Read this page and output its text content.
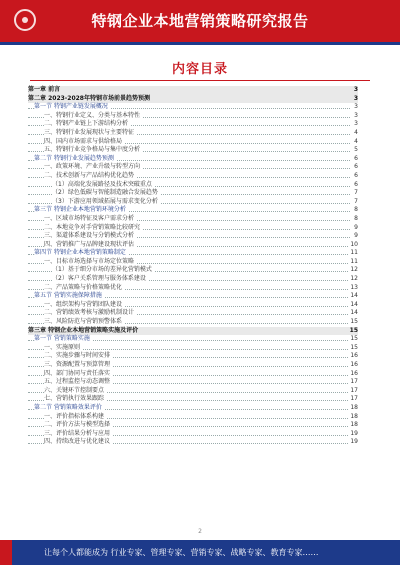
特钢企业本地营销策略研究报告
内容目录
第一章 前言	3
第二章 2023-2028年特钢市场前景趋势预测	3
第一节 特钢产业链发展概况	3
一、特钢行业定义、分类与基本特性	3
二、特钢产业链上下游结构分析	3
三、特钢行业发展现状与主要特征	4
四、国内市场需求与供给格局	4
五、特钢行业竞争格局与集中度分析	5
第二节 特钢行业发展趋势预测	6
一、政策环境、产业升级与转型方向	6
二、技术创新与产品结构优化趋势	6
（1）高端化发展路径及技术突破重点	6
（2）绿色低碳与智能制造融合发展趋势	7
（3）下游应用领域拓展与需求变化分析	7
第三节 特钢企业本地营销环境分析	8
一、区域市场特征及客户需求分析	8
二、本地竞争对手营销策略比较研究	9
三、渠道体系建设与分销模式分析	9
四、营销推广与品牌建设现状评估	10
第四节 特钢企业本地营销策略制定	11
一、目标市场选择与市场定位策略	11
（1）基于细分市场的差异化营销模式	12
（2）客户关系管理与服务体系建设	12
二、产品策略与价格策略优化	13
第五节 营销实施保障措施	14
一、组织架构与营销团队建设	14
二、营销绩效考核与激励机制设计	14
三、风险防范与营销预警体系	15
第三章 特钢企业本地营销策略实施及评价	15
第一节 营销策略实施	15
一、实施原则	15
二、实施步骤与时间安排	16
三、资源配置与预算管理	16
四、部门协同与责任落实	16
五、过程监控与动态调整	17
六、关键环节控制要点	17
七、营销执行效果跟踪	17
第二节 营销策略效果评价	18
一、评价指标体系构建	18
二、评价方法与模型选择	18
三、评价结果分析与应用	19
四、持续改进与优化建议	19
2
让每个人都能成为 行业专家、管理专家、营销专家、战略专家、教育专家……
